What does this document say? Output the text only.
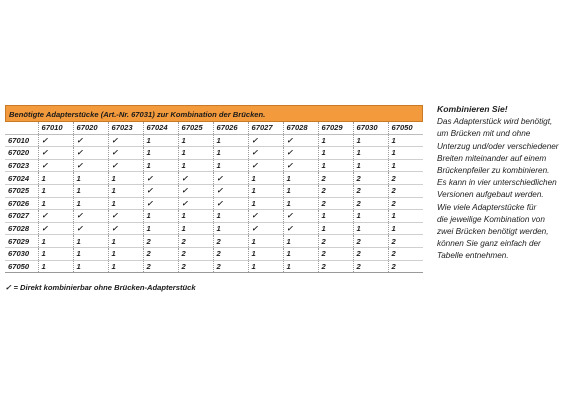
Benötigte Adapterstücke (Art.-Nr. 67031) zur Kombination der Brücken.
	67010	67020	67023	67024	67025	67026	67027	67028	67029	67030	67050
67010	✓	✓	✓	1	1	1	✓	✓	1	1	1
67020	✓	✓	✓	1	1	1	✓	✓	1	1	1
67023	✓	✓	✓	1	1	1	✓	✓	1	1	1
67024	1	1	1	✓	✓	✓	1	1	2	2	2
67025	1	1	1	✓	✓	✓	1	1	2	2	2
67026	1	1	1	✓	✓	✓	1	1	2	2	2
67027	✓	✓	✓	1	1	1	✓	✓	1	1	1
67028	✓	✓	✓	1	1	1	✓	✓	1	1	1
67029	1	1	1	2	2	2	1	1	2	2	2
67030	1	1	1	2	2	2	1	1	2	2	2
67050	1	1	1	2	2	2	1	1	2	2	2
✓ = Direkt kombinierbar ohne Brücken-Adapterstück
Kombinieren Sie!
Das Adapterstück wird benötigt,
um Brücken mit und ohne
Unterzug und/oder verschiedener
Breiten miteinander auf einem
Brückenpfeiler zu kombinieren.
Es kann in vier unterschiedlichen
Versionen aufgebaut werden.
Wie viele Adapterstücke für
die jeweilige Kombination von
zwei Brücken benötigt werden,
können Sie ganz einfach der
Tabelle entnehmen.
